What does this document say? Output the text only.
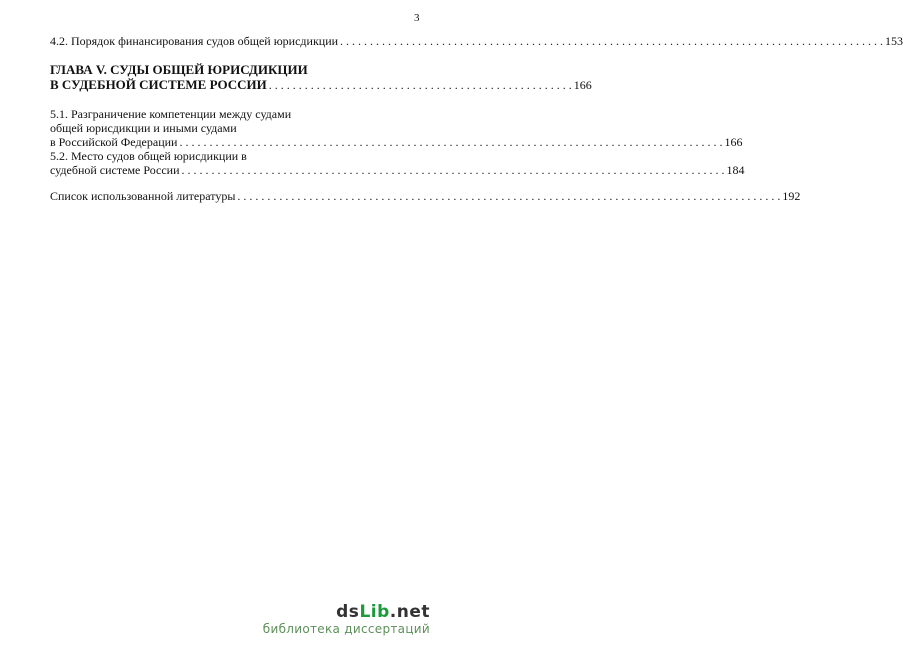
3
4.2. Порядок финансирования судов общей юрисдикции . . .	153
ГЛАВА V. СУДЫ ОБЩЕЙ ЮРИСДИКЦИИ
В СУДЕБНОЙ СИСТЕМЕ РОССИИ . . . . . . . . . . . . . . . . . . . . . . . . . . . . . . . . . . . . . . . . . . . . . . . . . . . 166
5.1. Разграничение компетенции между судами
общей юрисдикции и иными судами
в Российской Федерации . . .	166
5.2. Место судов общей юрисдикции в
судебной системе России . . .	184
Список использованной литературы . . .	192
dsLib.net
библиотека диссертаций
